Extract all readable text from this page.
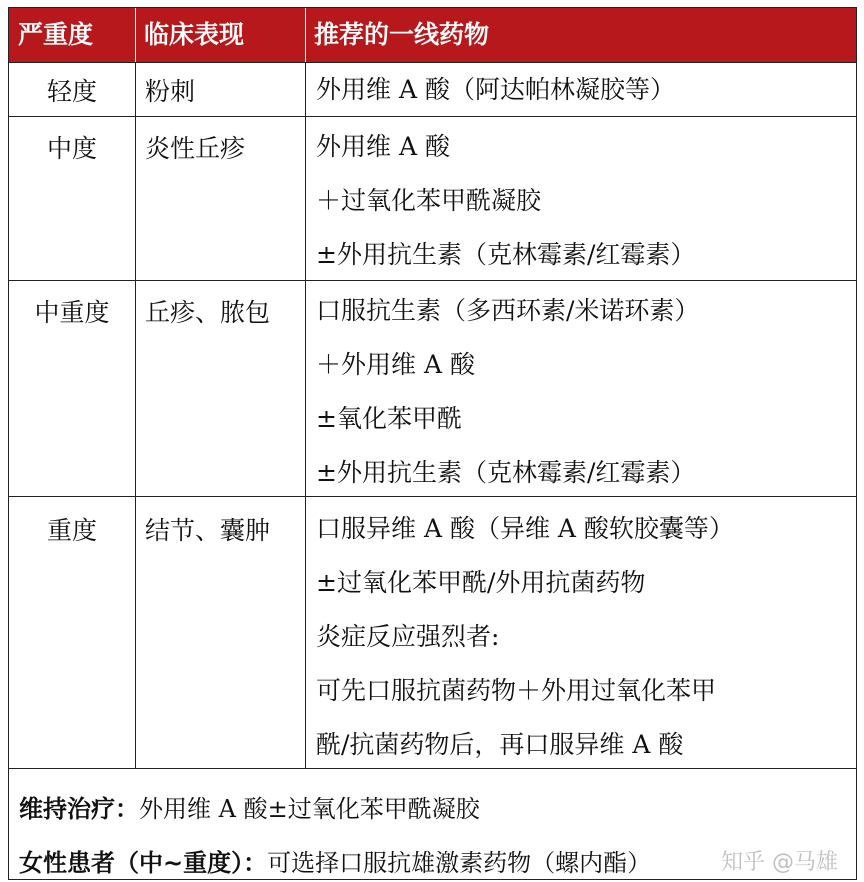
严重度	临床表现	推荐的一线药物
轻度	粉刺	外用维 A 酸（阿达帕林凝胶等）
中度	炎性丘疹	外用维 A 酸
＋过氧化苯甲酰凝胶
±外用抗生素（克林霉素/红霉素）
中重度	丘疹、脓包	口服抗生素（多西环素/米诺环素）
＋外用维 A 酸
±氧化苯甲酰
±外用抗生素（克林霉素/红霉素）
重度	结节、囊肿	口服异维 A 酸（异维 A 酸软胶囊等）
±过氧化苯甲酰/外用抗菌药物
炎症反应强烈者:
可先口服抗菌药物＋外用过氧化苯甲
酰/抗菌药物后，再口服异维 A 酸
维持治疗：外用维 A 酸±过氧化苯甲酰凝胶
女性患者（中~重度）：可选择口服抗雄激素药物（螺内酯）	知乎 @马雄
